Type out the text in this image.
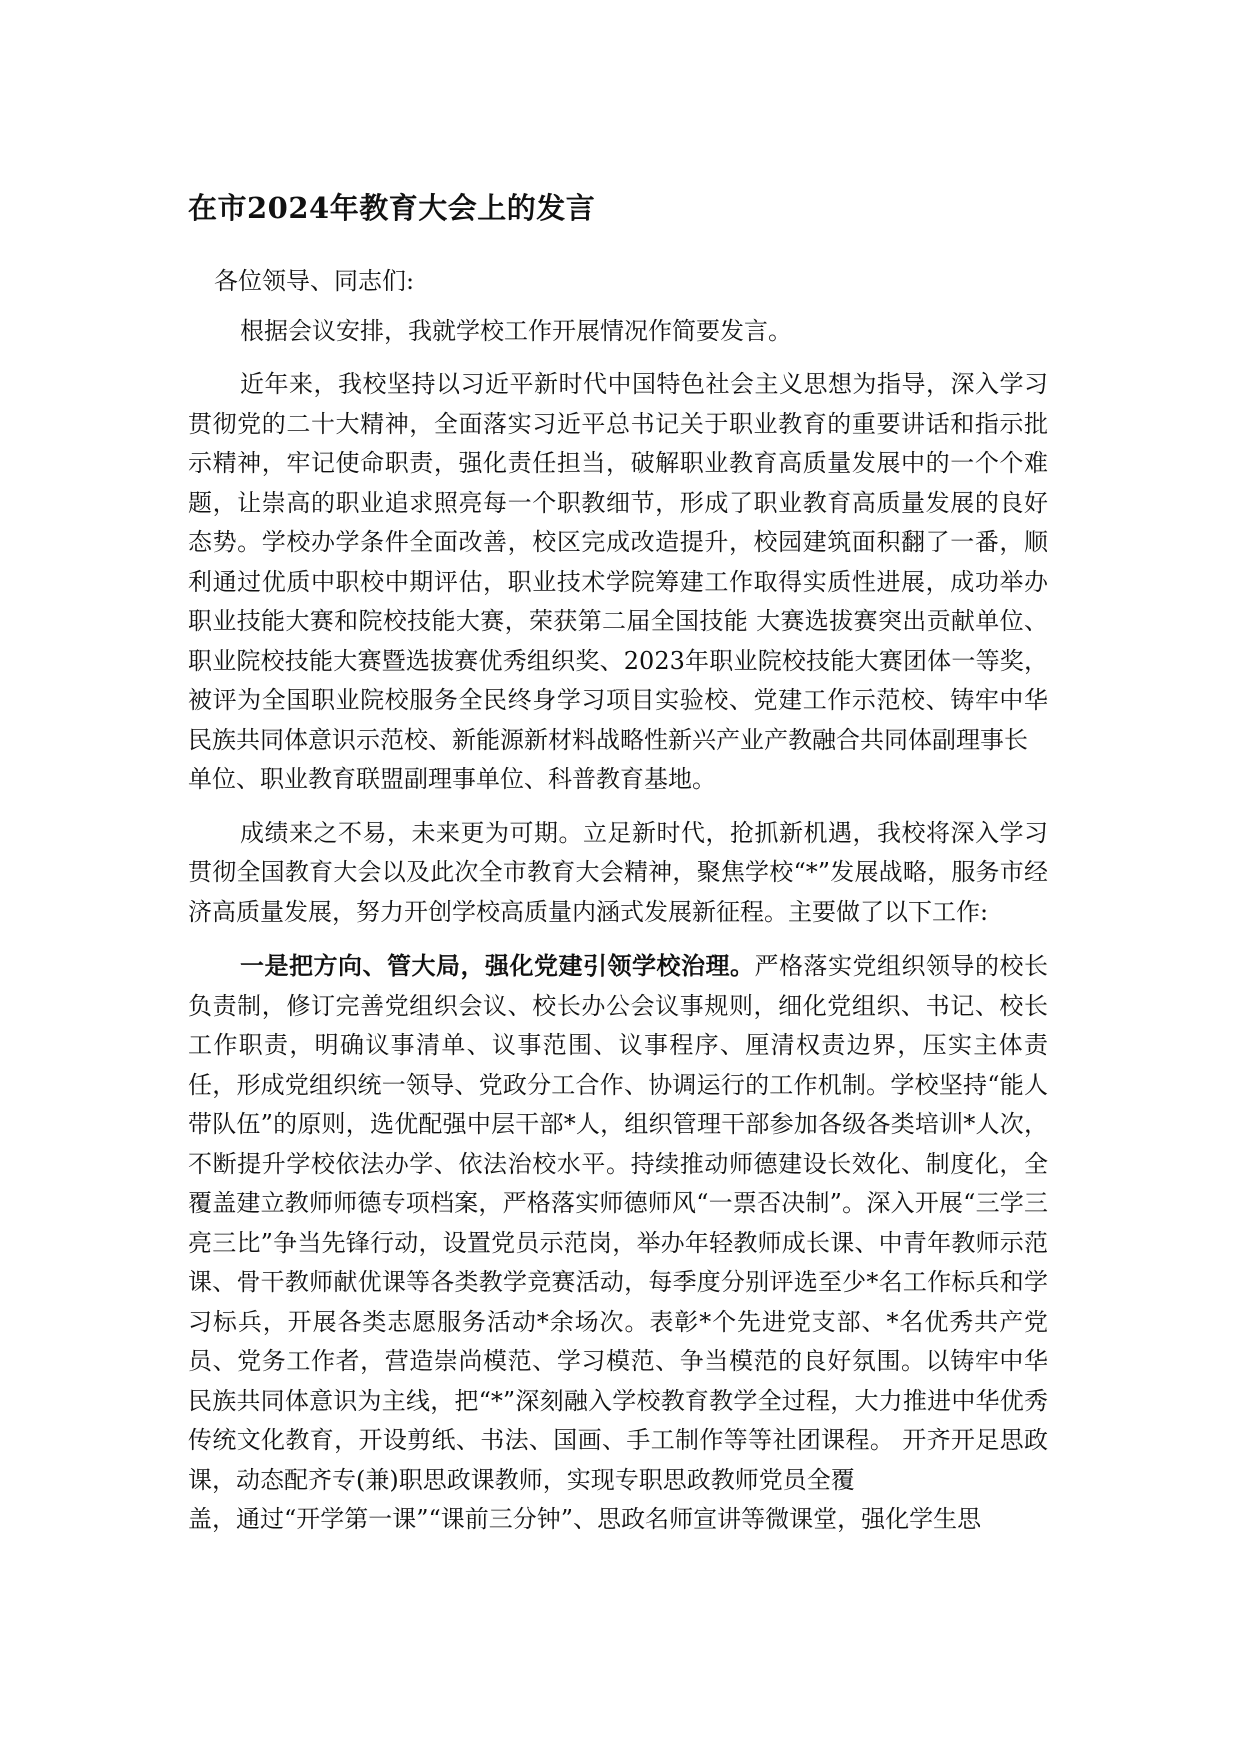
在市2024年教育大会上的发言

各位领导、同志们:

根据会议安排，我就学校工作开展情况作简要发言。

近年来，我校坚持以习近平新时代中国特色社会主义思想为指导，深入学习贯彻党的二十大精神，全面落实习近平总书记关于职业教育的重要讲话和指示批示精神，牢记使命职责，强化责任担当，破解职业教育高质量发展中的一个个难题，让崇高的职业追求照亮每一个职教细节，形成了职业教育高质量发展的良好态势。学校办学条件全面改善，校区完成改造提升，校园建筑面积翻了一番，顺利通过优质中职校中期评估，职业技术学院筹建工作取得实质性进展，成功举办职业技能大赛和院校技能大赛，荣获第二届全国技能 大赛选拔赛突出贡献单位、 职业院校技能大赛暨选拔赛优秀组织奖、2023年职业院校技能大赛团体一等奖， 被评为全国职业院校服务全民终身学习项目实验校、党建工作示范校、铸牢中华 民族共同体意识示范校、新能源新材料战略性新兴产业产教融合共同体副理事长

单位、职业教育联盟副理事单位、科普教育基地。

成绩来之不易，未来更为可期。立足新时代，抢抓新机遇，我校将深入学习贯彻全国教育大会以及此次全市教育大会精神，聚焦学校“*”发展战略，服务市经济高质量发展，努力开创学校高质量内涵式发展新征程。主要做了以下工作:

一是把方向、管大局，强化党建引领学校治理。严格落实党组织领导的校长负责制，修订完善党组织会议、校长办公会议事规则，细化党组织、书记、校长工作职责，明确议事清单、议事范围、议事程序、厘清权责边界，压实主体责任，形成党组织统一领导、党政分工合作、协调运行的工作机制。学校坚持“能人带队伍”的原则，选优配强中层干部*人，组织管理干部参加各级各类培训*人次，不断提升学校依法办学、依法治校水平。持续推动师德建设长效化、制度化，全覆盖建立教师师德专项档案，严格落实师德师风“一票否决制”。深入开展“三学三亮三比”争当先锋行动，设置党员示范岗，举办年轻教师成长课、中青年教师示范课、骨干教师献优课等各类教学竞赛活动，每季度分别评选至少*名工作标兵和学习标兵，开展各类志愿服务活动*余场次。表彰*个先进党支部、*名优秀共产党员、党务工作者，营造崇尚模范、学习模范、争当模范的良好氛围。以铸牢中华民族共同体意识为主线，把“*”深刻融入学校教育教学全过程，大力推进中华优秀传统文化教育，开设剪纸、书法、国画、手工制作等等社团课程。 开齐开足思政课，动态配齐专(兼)职思政课教师，实现专职思政教师党员全覆

盖，通过“开学第一课”“课前三分钟”、思政名师宣讲等微课堂，强化学生思
